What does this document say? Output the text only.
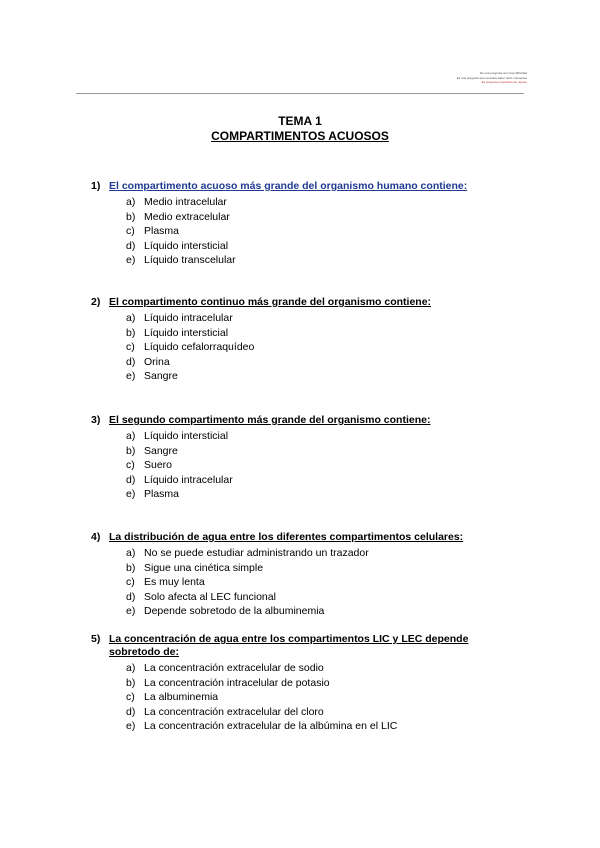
Es una pregunta con mas dificultad
Es una pregunta que necesita saber otros conceptos
Es pregunta importante de repaso
TEMA 1
COMPARTIMENTOS ACUOSOS
1) El compartimento acuoso más grande del organismo humano contiene:
a) Medio intracelular
b) Medio extracelular
c) Plasma
d) Líquido intersticial
e) Líquido transcelular
2) El compartimento continuo más grande del organismo contiene:
a) Líquido intracelular
b) Líquido intersticial
c) Líquido cefalorraquídeo
d) Orina
e) Sangre
3) El segundo compartimento más grande del organismo contiene:
a) Líquido intersticial
b) Sangre
c) Suero
d) Líquido intracelular
e) Plasma
4) La distribución de agua entre los diferentes compartimentos celulares:
a) No se puede estudiar administrando un trazador
b) Sigue una cinética simple
c) Es muy lenta
d) Solo afecta al LEC funcional
e) Depende sobretodo de la albuminemia
5) La concentración de agua entre los compartimentos LIC y LEC depende sobretodo de:
a) La concentración extracelular de sodio
b) La concentración intracelular de potasio
c) La albuminemia
d) La concentración extracelular del cloro
e) La concentración extracelular de la albúmina en el LIC
